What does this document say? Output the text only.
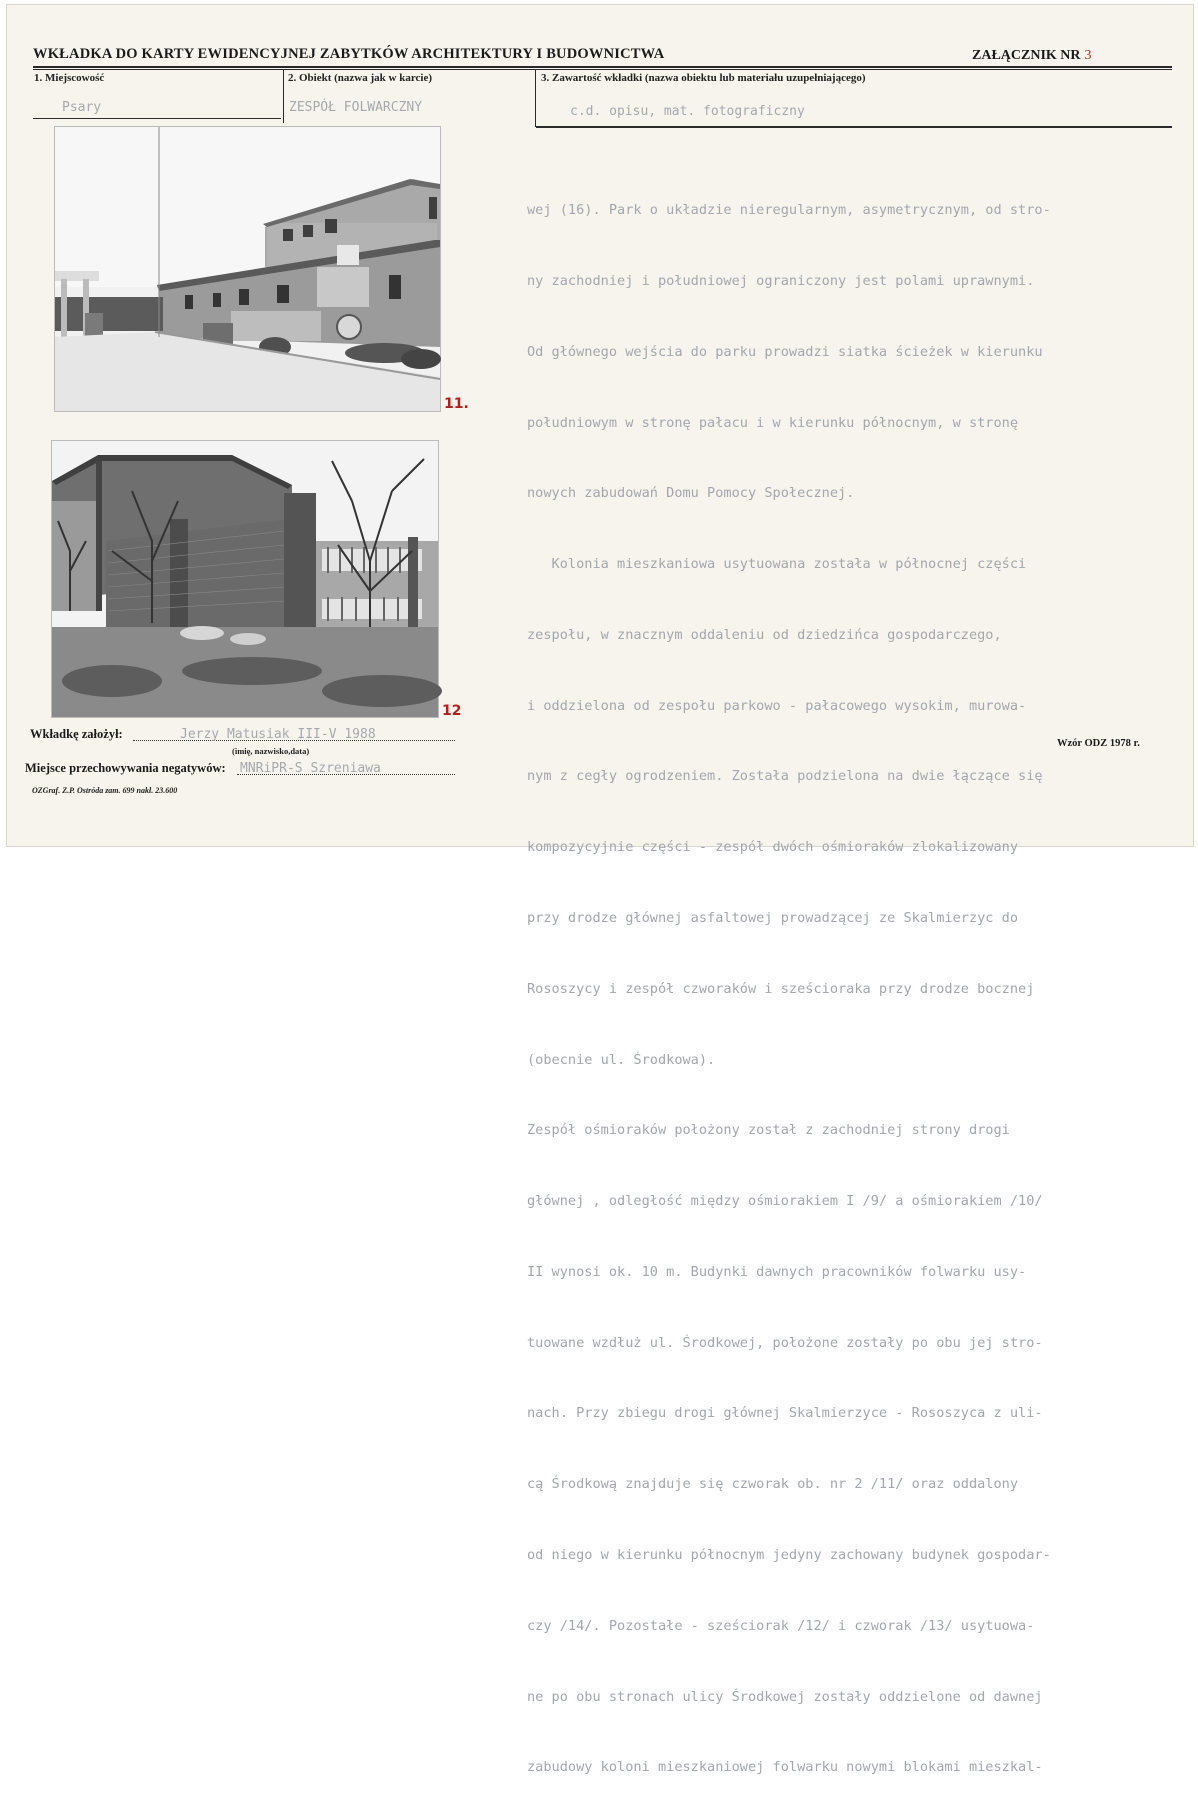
WKŁADKA DO KARTY EWIDENCYJNEJ ZABYTKÓW ARCHITEKTURY I BUDOWNICTWA	ZAŁĄCZNIK NR 3
1. Miejscowość	2. Obiekt (nazwa jak w karcie)	3. Zawartość wkładki (nazwa obiektu lub materiału uzupełniającego)
Psary	ZESPÓŁ FOLWARCZNY	c.d. opisu, mat. fotograficzny
11.
12

wej (16). Park o układzie nieregularnym, asymetrycznym, od stro-

ny zachodniej i południowej ograniczony jest polami uprawnymi.

Od głównego wejścia do parku prowadzi siatka ścieżek w kierunku

południowym w stronę pałacu i w kierunku północnym, w stronę

nowych zabudowań Domu Pomocy Społecznej.

Kolonia mieszkaniowa usytuowana została w północnej części

zespołu, w znacznym oddaleniu od dziedzińca gospodarczego,

i oddzielona od zespołu parkowo - pałacowego wysokim, murowa-

nym z cegły ogrodzeniem. Została podzielona na dwie łączące się

kompozycyjnie części - zespół dwóch ośmioraków zlokalizowany

przy drodze głównej asfaltowej prowadzącej ze Skalmierzyc do

Rososzycy i zespół czworaków i sześcioraka przy drodze bocznej

(obecnie ul. Środkowa).

Zespół ośmioraków położony został z zachodniej strony drogi

głównej , odległość między ośmiorakiem I /9/ a ośmiorakiem /10/

II wynosi ok. 10 m. Budynki dawnych pracowników folwarku usy-

tuowane wzdłuż ul. Środkowej, położone zostały po obu jej stro-

nach. Przy zbiegu drogi głównej Skalmierzyce - Rososzyca z uli-

cą Środkową znajduje się czworak ob. nr 2 /11/ oraz oddalony

od niego w kierunku północnym jedyny zachowany budynek gospodar-

czy /14/. Pozostałe - sześciorak /12/ i czworak /13/ usytuowa-

ne po obu stronach ulicy Środkowej zostały oddzielone od dawnej

zabudowy koloni mieszkaniowej folwarku nowymi blokami mieszkal-

Wkładkę założył:	Jerzy Matusiak III-V 1988
(imię, nazwisko,data)
Miejsce przechowywania negatywów: MNRiPR-S Szreniawa
OZGraf. Z.P. Ostróda zam. 699 nakł. 23.600
Wzór ODZ 1978 r.
